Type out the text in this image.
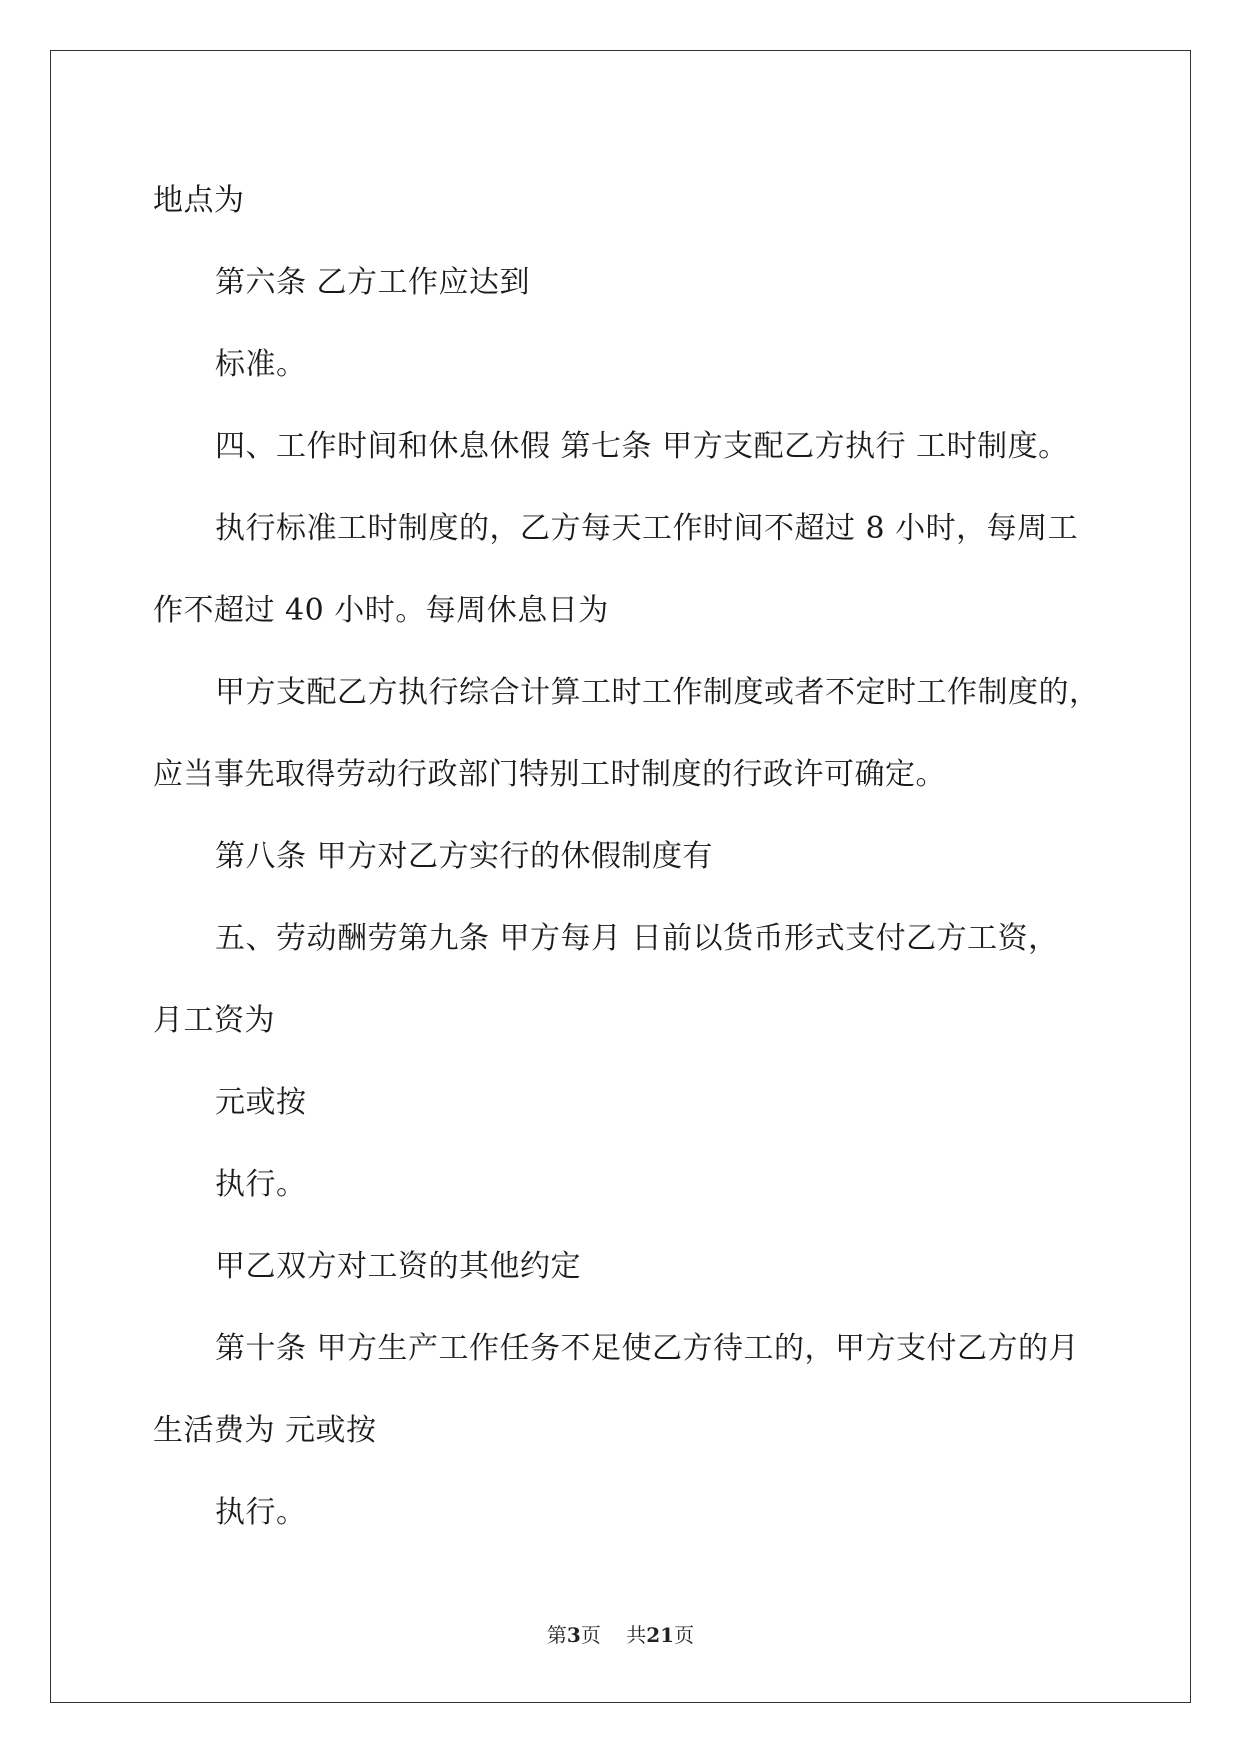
地点为
第六条 乙方工作应达到
标准。
四、工作时间和休息休假 第七条 甲方支配乙方执行 工时制度。
执行标准工时制度的，乙方每天工作时间不超过 8 小时，每周工
作不超过 40 小时。每周休息日为
甲方支配乙方执行综合计算工时工作制度或者不定时工作制度的，
应当事先取得劳动行政部门特别工时制度的行政许可确定。
第八条 甲方对乙方实行的休假制度有
五、劳动酬劳第九条 甲方每月 日前以货币形式支付乙方工资，
月工资为
元或按
执行。
甲乙双方对工资的其他约定
第十条 甲方生产工作任务不足使乙方待工的，甲方支付乙方的月
生活费为 元或按
执行。
第3页    共21页
